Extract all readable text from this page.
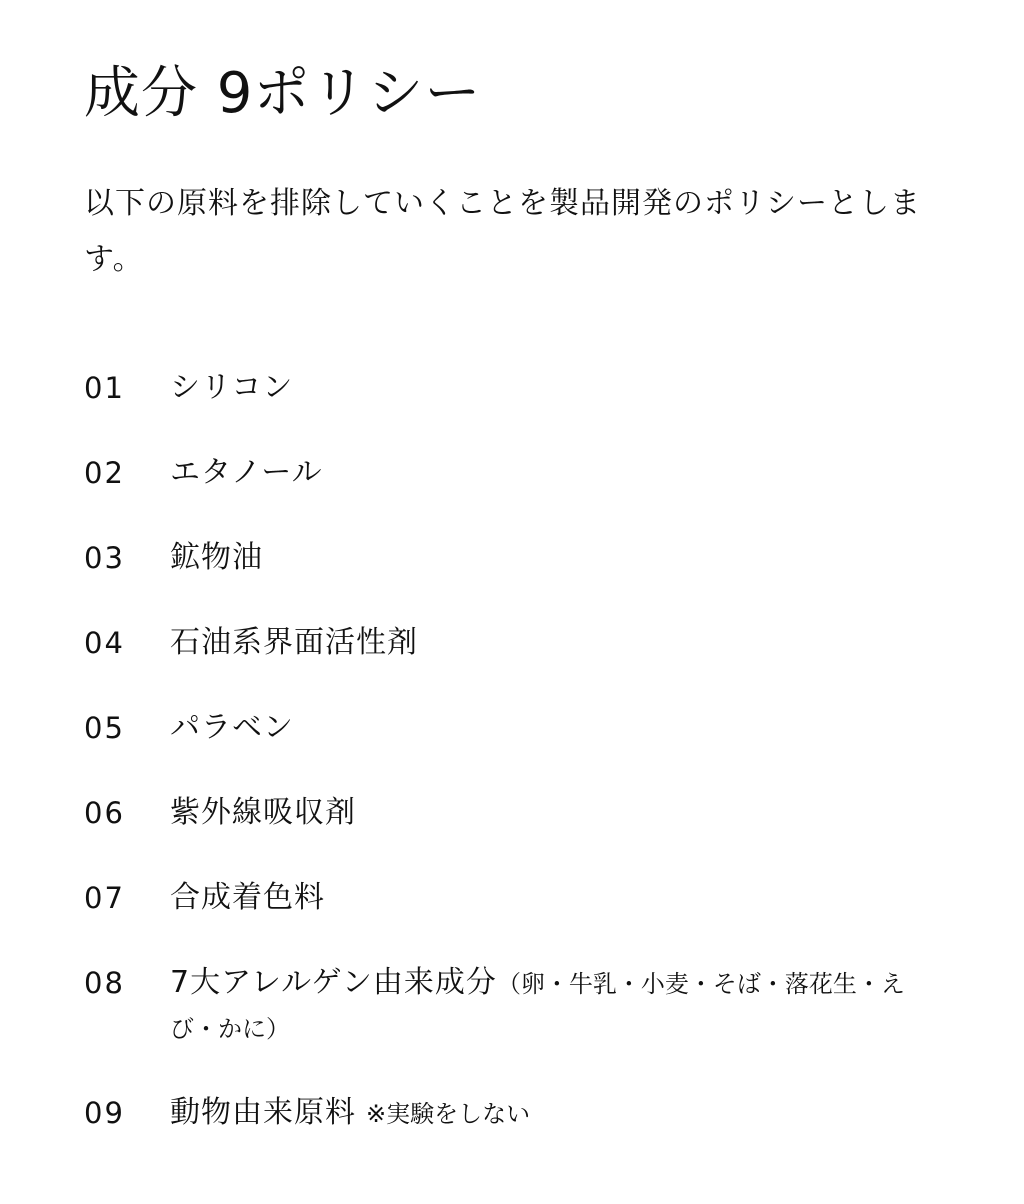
成分 9ポリシー

以下の原料を排除していくことを製品開発のポリシーとします。

01 シリコン
02 エタノール
03 鉱物油
04 石油系界面活性剤
05 パラベン
06 紫外線吸収剤
07 合成着色料
08 7大アレルゲン由来成分（卵・牛乳・小麦・そば・落花生・えび・かに）
09 動物由来原料 ※実験をしない
